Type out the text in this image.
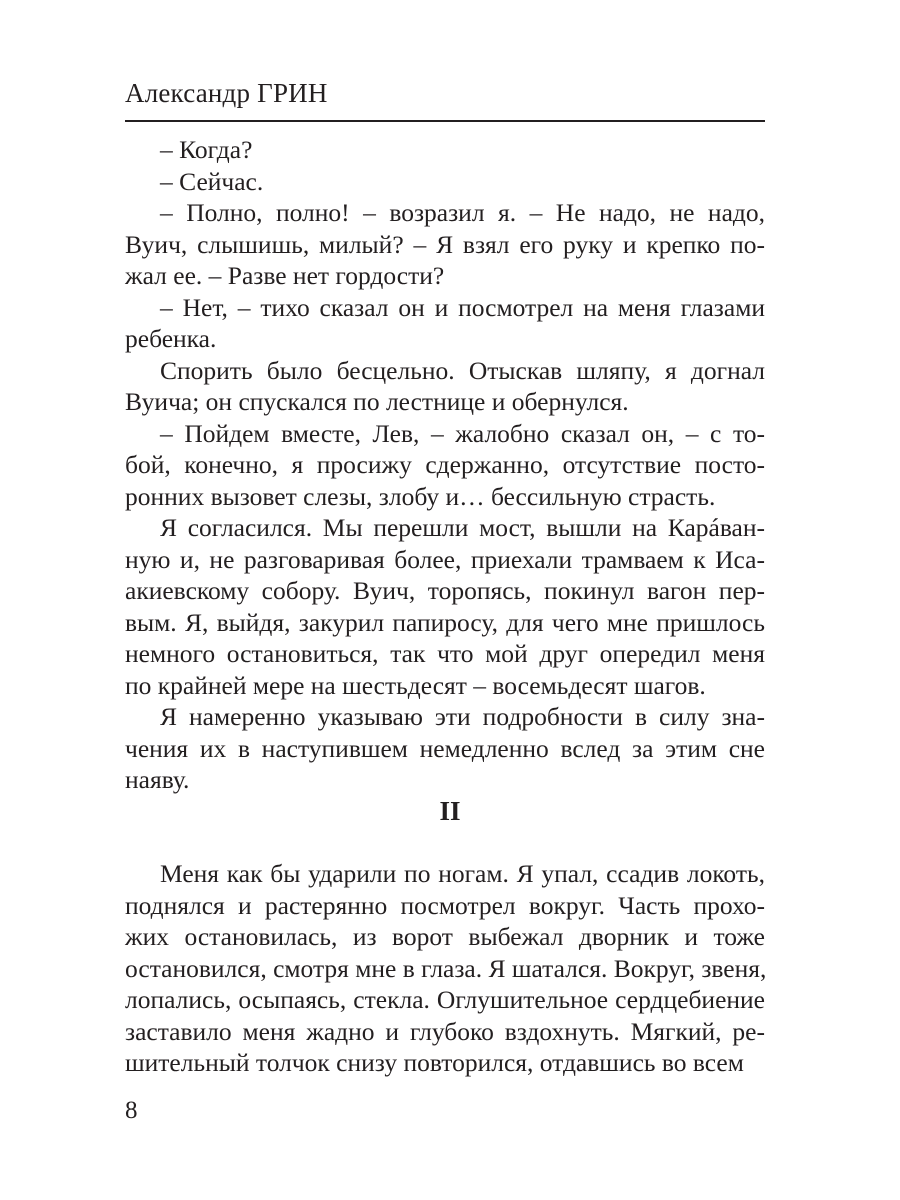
Александр ГРИН
– Когда?
– Сейчас.
– Полно, полно! – возразил я. – Не надо, не надо,
Вуич, слышишь, милый? – Я взял его руку и крепко по-
жал ее. – Разве нет гордости?
– Нет, – тихо сказал он и посмотрел на меня глазами
ребенка.
Спорить было бесцельно. Отыскав шляпу, я догнал
Вуича; он спускался по лестнице и обернулся.
– Пойдем вместе, Лев, – жалобно сказал он, – с то-
бой, конечно, я просижу сдержанно, отсутствие посто-
ронних вызовет слезы, злобу и… бессильную страсть.
Я согласился. Мы перешли мост, вышли на Карáван-
ную и, не разговаривая более, приехали трамваем к Иса-
акиевскому собору. Вуич, торопясь, покинул вагон пер-
вым. Я, выйдя, закурил папиросу, для чего мне пришлось
немного остановиться, так что мой друг опередил меня
по крайней мере на шестьдесят – восемьдесят шагов.
Я намеренно указываю эти подробности в силу зна-
чения их в наступившем немедленно вслед за этим сне
наяву.
II
Меня как бы ударили по ногам. Я упал, ссадив локоть,
поднялся и растерянно посмотрел вокруг. Часть прохо-
жих остановилась, из ворот выбежал дворник и тоже
остановился, смотря мне в глаза. Я шатался. Вокруг, звеня,
лопались, осыпаясь, стекла. Оглушительное сердцебиение
заставило меня жадно и глубоко вздохнуть. Мягкий, ре-
шительный толчок снизу повторился, отдавшись во всем
8
